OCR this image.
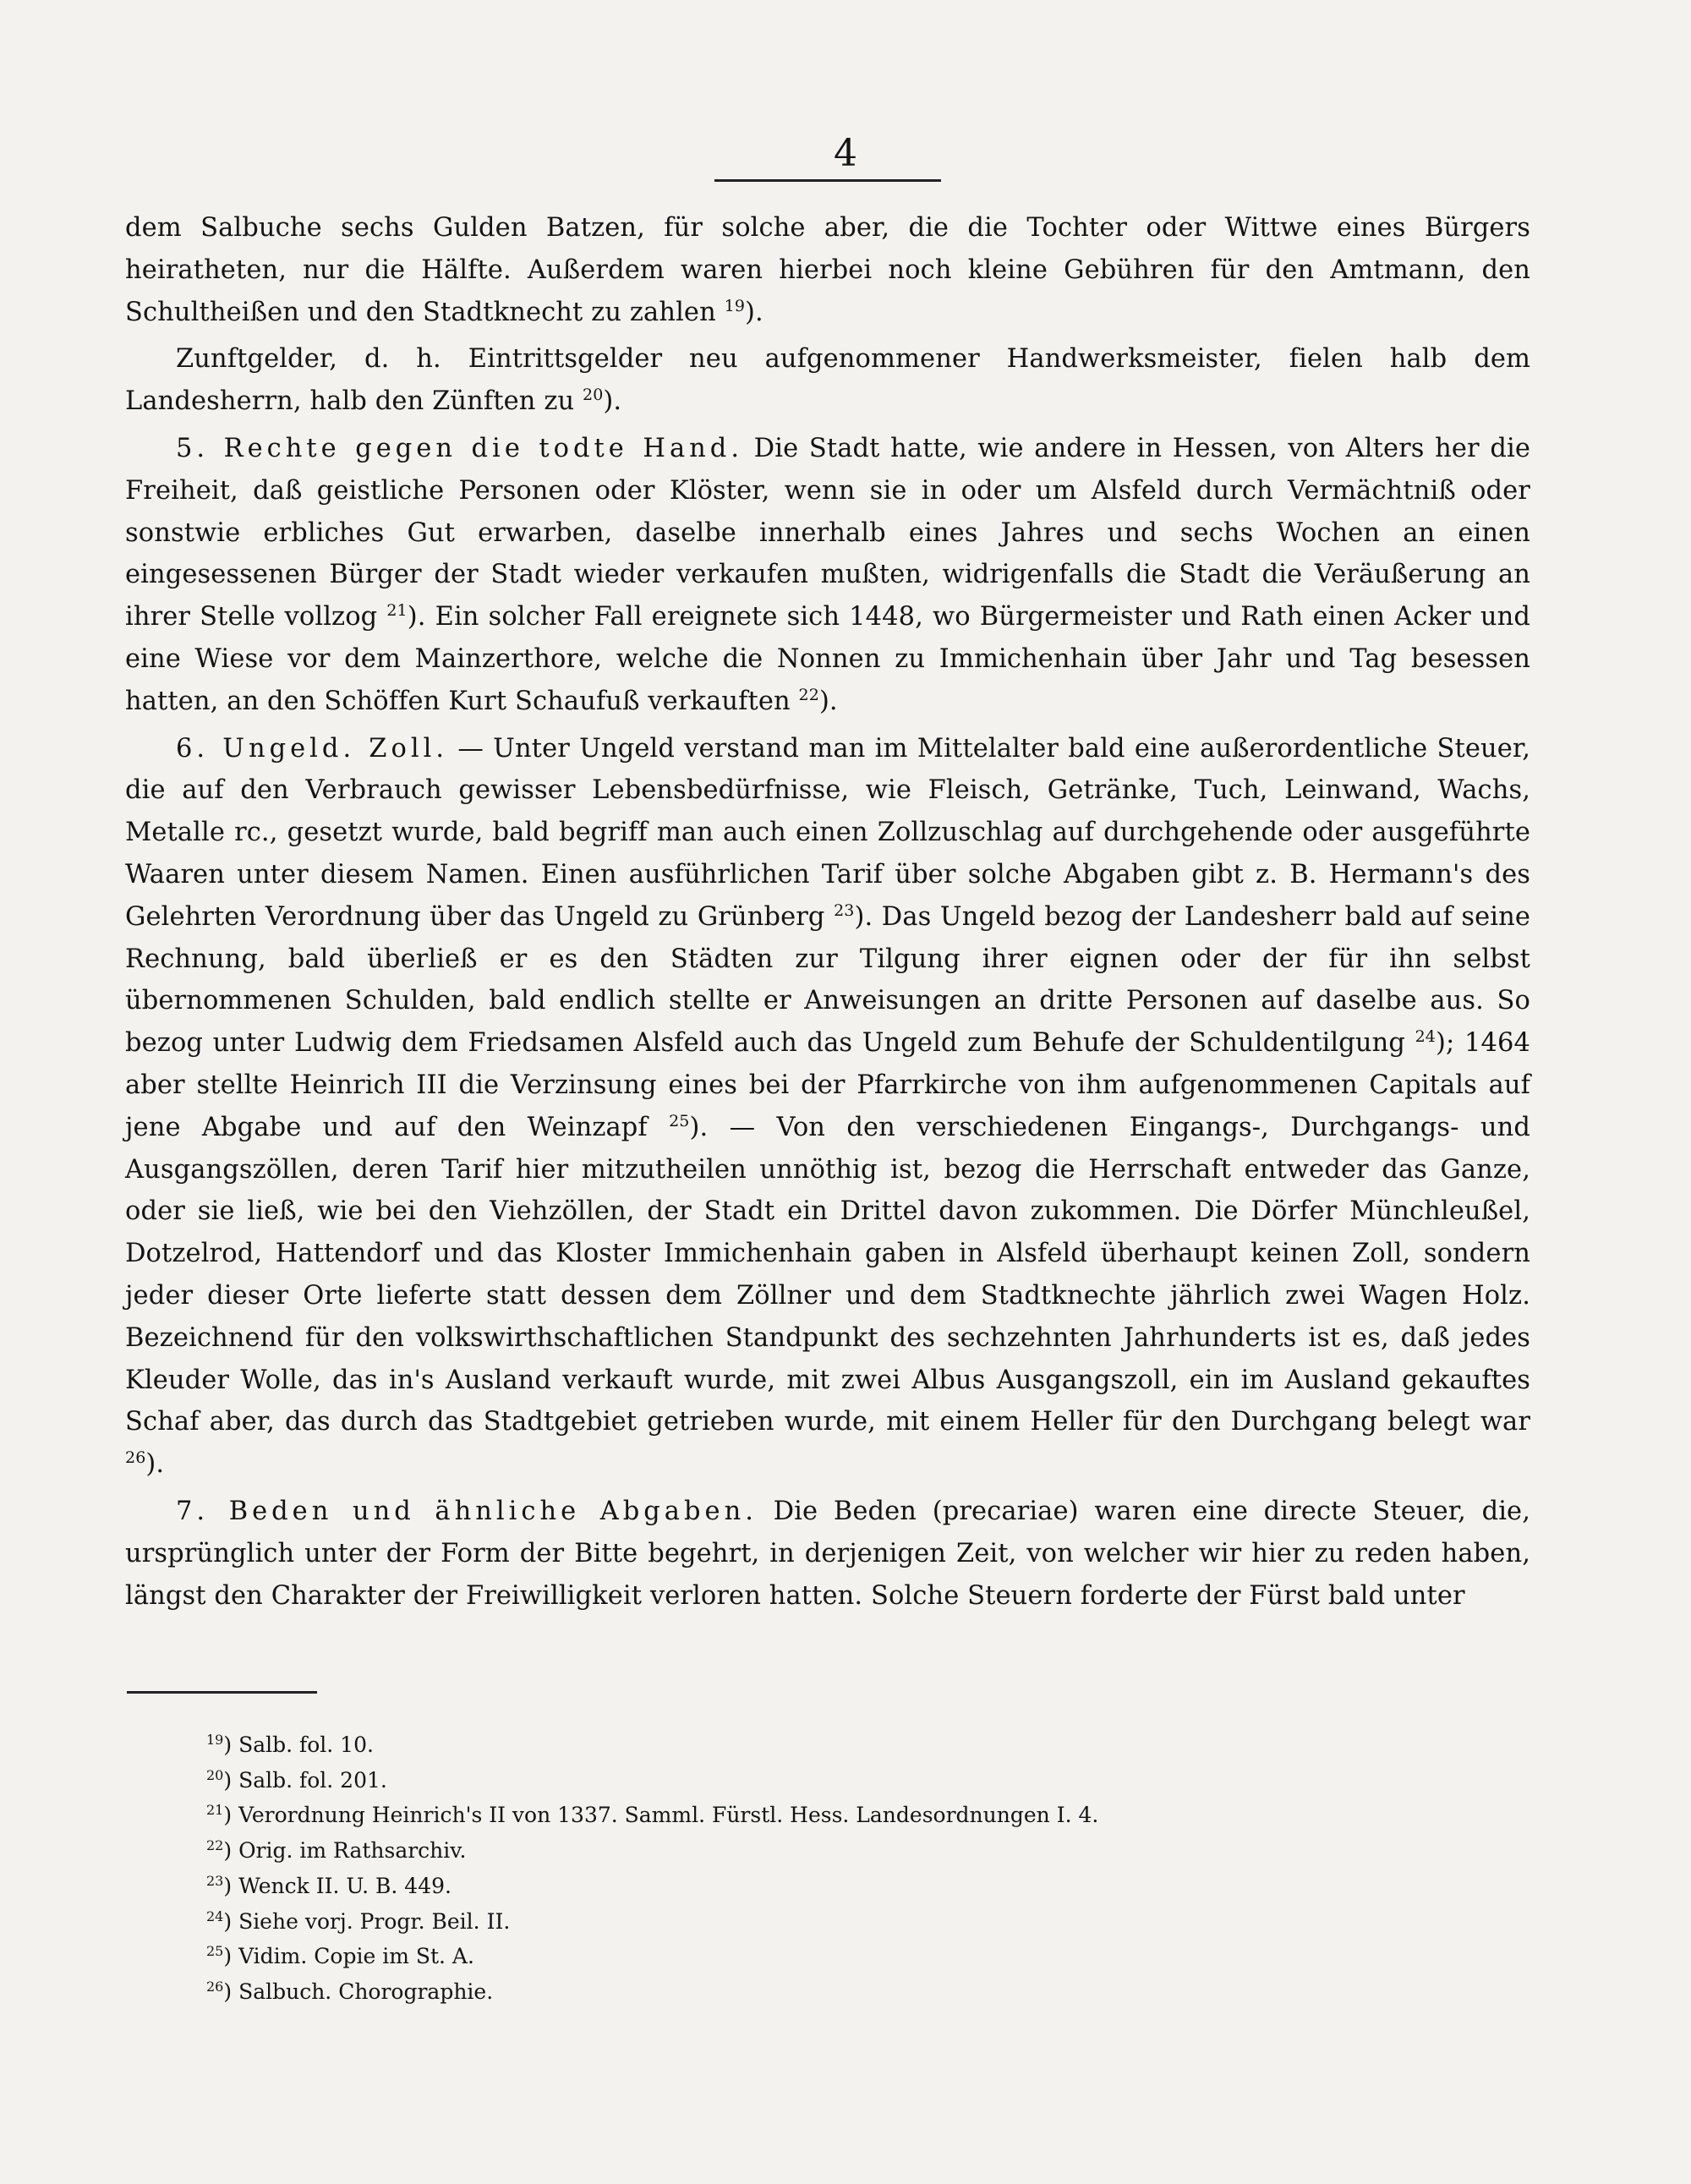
4

dem Salbuche sechs Gulden Batzen, für solche aber, die die Tochter oder Wittwe eines Bürgers heiratheten, nur die Hälfte. Außerdem waren hierbei noch kleine Gebühren für den Amtmann, den Schultheißen und den Stadtknecht zu zahlen $^{19}$).

Zunftgelder, d. h. Eintrittsgelder neu aufgenommener Handwerksmeister, fielen halb dem Landesherrn, halb den Zünften zu $^{20}$).

5. Rechte gegen die todte Hand. Die Stadt hatte, wie andere in Hessen, von Alters her die Freiheit, daß geistliche Personen oder Klöster, wenn sie in oder um Alsfeld durch Vermächtniß oder sonstwie erbliches Gut erwarben, daselbe innerhalb eines Jahres und sechs Wochen an einen eingesessenen Bürger der Stadt wieder verkaufen mußten, widrigenfalls die Stadt die Veräußerung an ihrer Stelle vollzog $^{21}$). Ein solcher Fall ereignete sich 1448, wo Bürgermeister und Rath einen Acker und eine Wiese vor dem Mainzerthore, welche die Nonnen zu Immichenhain über Jahr und Tag besessen hatten, an den Schöffen Kurt Schaufuß verkauften $^{22}$).

6. Ungeld. Zoll. — Unter Ungeld verstand man im Mittelalter bald eine außerordentliche Steuer, die auf den Verbrauch gewisser Lebensbedürfnisse, wie Fleisch, Getränke, Tuch, Leinwand, Wachs, Metalle rc., gesetzt wurde, bald begriff man auch einen Zollzuschlag auf durchgehende oder ausgeführte Waaren unter diesem Namen. Einen ausführlichen Tarif über solche Abgaben gibt z. B. Hermann's des Gelehrten Verordnung über das Ungeld zu Grünberg $^{23}$). Das Ungeld bezog der Landesherr bald auf seine Rechnung, bald überließ er es den Städten zur Tilgung ihrer eignen oder der für ihn selbst übernommenen Schulden, bald endlich stellte er Anweisungen an dritte Personen auf daselbe aus. So bezog unter Ludwig dem Friedsamen Alsfeld auch das Ungeld zum Behufe der Schuldentilgung $^{24}$); 1464 aber stellte Heinrich III die Verzinsung eines bei der Pfarrkirche von ihm aufgenommenen Capitals auf jene Abgabe und auf den Weinzapf $^{25}$). — Von den verschiedenen Eingangs-, Durchgangs- und Ausgangszöllen, deren Tarif hier mitzutheilen unnöthig ist, bezog die Herrschaft entweder das Ganze, oder sie ließ, wie bei den Viehzöllen, der Stadt ein Drittel davon zukommen. Die Dörfer Münchleußel, Dotzelrod, Hattendorf und das Kloster Immichenhain gaben in Alsfeld überhaupt keinen Zoll, sondern jeder dieser Orte lieferte statt dessen dem Zöllner und dem Stadtknechte jährlich zwei Wagen Holz. Bezeichnend für den volkswirthschaftlichen Standpunkt des sechzehnten Jahrhunderts ist es, daß jedes Kleuder Wolle, das in's Ausland verkauft wurde, mit zwei Albus Ausgangszoll, ein im Ausland gekauftes Schaf aber, das durch das Stadtgebiet getrieben wurde, mit einem Heller für den Durchgang belegt war $^{26}$).

7. Beden und ähnliche Abgaben. Die Beden (precariae) waren eine directe Steuer, die, ursprünglich unter der Form der Bitte begehrt, in derjenigen Zeit, von welcher wir hier zu reden haben, längst den Charakter der Freiwilligkeit verloren hatten. Solche Steuern forderte der Fürst bald unter

$^{19}$) Salb. fol. 10.
$^{20}$) Salb. fol. 201.
$^{21}$) Verordnung Heinrich's II von 1337. Samml. Fürstl. Hess. Landesordnungen I. 4.
$^{22}$) Orig. im Rathsarchiv.
$^{23}$) Wenck II. U. B. 449.
$^{24}$) Siehe vorj. Progr. Beil. II.
$^{25}$) Vidim. Copie im St. A.
$^{26}$) Salbuch. Chorographie.
